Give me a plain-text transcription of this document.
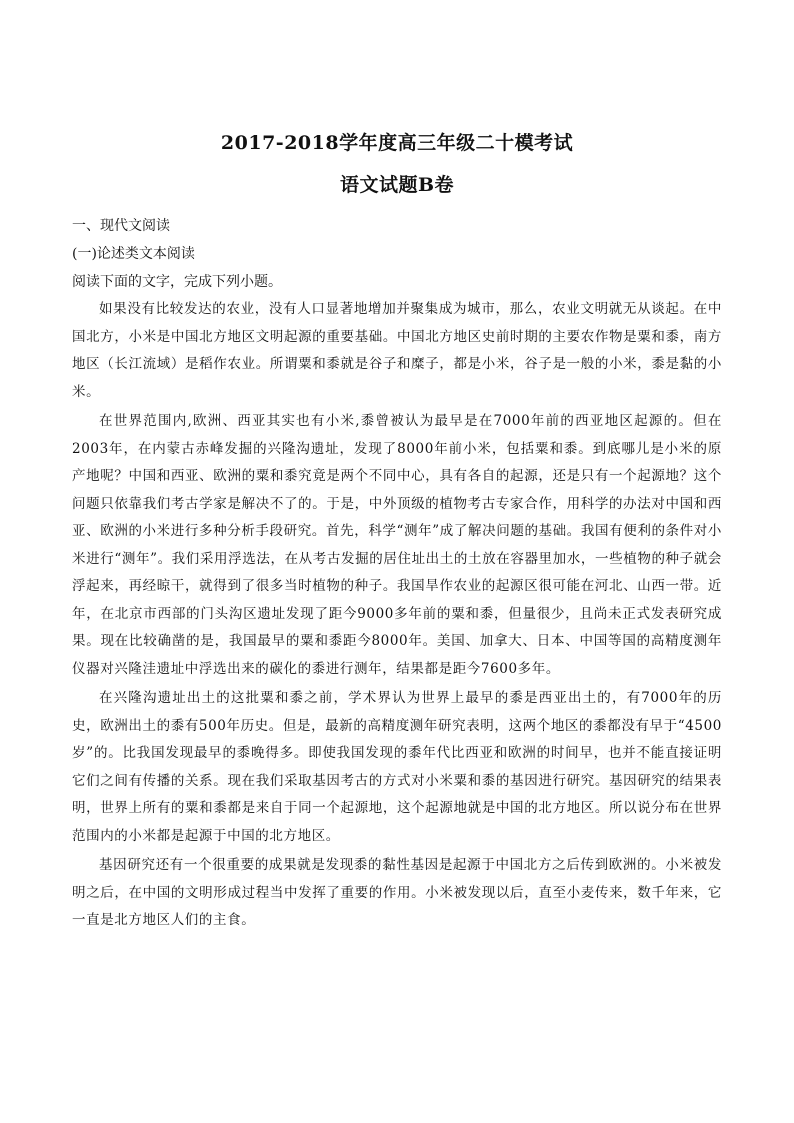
2017-2018学年度高三年级二十模考试
语文试题B卷

一、现代文阅读

(一)论述类文本阅读

阅读下面的文字，完成下列小题。

如果没有比较发达的农业，没有人口显著地增加并聚集成为城市，那么，农业文明就无从谈起。在中国北方，小米是中国北方地区文明起源的重要基础。中国北方地区史前时期的主要农作物是粟和黍，南方地区（长江流域）是稻作农业。所谓粟和黍就是谷子和糜子，都是小米，谷子是一般的小米，黍是黏的小米。

在世界范围内,欧洲、西亚其实也有小米,黍曾被认为最早是在7000年前的西亚地区起源的。但在2003年，在内蒙古赤峰发掘的兴隆沟遗址，发现了8000年前小米，包括粟和黍。到底哪儿是小米的原产地呢？中国和西亚、欧洲的粟和黍究竟是两个不同中心，具有各自的起源，还是只有一个起源地？这个问题只依靠我们考古学家是解决不了的。于是，中外顶级的植物考古专家合作，用科学的办法对中国和西亚、欧洲的小米进行多种分析手段研究。首先，科学“测年”成了解决问题的基础。我国有便利的条件对小米进行“测年”。我们采用浮选法，在从考古发掘的居住址出土的土放在容器里加水，一些植物的种子就会浮起来，再经晾干，就得到了很多当时植物的种子。我国旱作农业的起源区很可能在河北、山西一带。近年，在北京市西部的门头沟区遗址发现了距今9000多年前的粟和黍，但量很少，且尚未正式发表研究成果。现在比较确凿的是，我国最早的粟和黍距今8000年。美国、加拿大、日本、中国等国的高精度测年仪器对兴隆洼遗址中浮选出来的碳化的黍进行测年，结果都是距今7600多年。

在兴隆沟遗址出土的这批粟和黍之前，学术界认为世界上最早的黍是西亚出土的，有7000年的历史，欧洲出土的黍有500年历史。但是，最新的高精度测年研究表明，这两个地区的黍都没有早于“4500岁”的。比我国发现最早的黍晚得多。即使我国发现的黍年代比西亚和欧洲的时间早，也并不能直接证明它们之间有传播的关系。现在我们采取基因考古的方式对小米粟和黍的基因进行研究。基因研究的结果表明，世界上所有的粟和黍都是来自于同一个起源地，这个起源地就是中国的北方地区。所以说分布在世界范围内的小米都是起源于中国的北方地区。

基因研究还有一个很重要的成果就是发现黍的黏性基因是起源于中国北方之后传到欧洲的。小米被发明之后，在中国的文明形成过程当中发挥了重要的作用。小米被发现以后，直至小麦传来，数千年来，它一直是北方地区人们的主食。
